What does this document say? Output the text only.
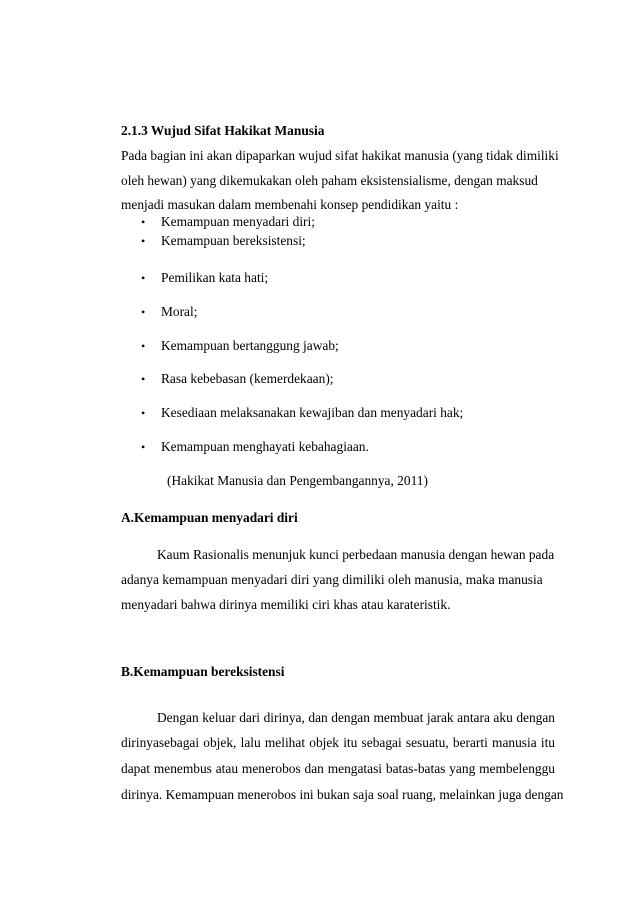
2.1.3 Wujud Sifat Hakikat Manusia
Pada bagian ini akan dipaparkan wujud sifat hakikat manusia (yang tidak dimiliki
oleh hewan) yang dikemukakan oleh paham eksistensialisme, dengan maksud
menjadi masukan dalam membenahi konsep pendidikan yaitu :
• Kemampuan menyadari diri;
• Kemampuan bereksistensi;
• Pemilikan kata hati;
• Moral;
• Kemampuan bertanggung jawab;
• Rasa kebebasan (kemerdekaan);
• Kesediaan melaksanakan kewajiban dan menyadari hak;
• Kemampuan menghayati kebahagiaan.
(Hakikat Manusia dan Pengembangannya, 2011)
A.Kemampuan menyadari diri
Kaum Rasionalis menunjuk kunci perbedaan manusia dengan hewan pada
adanya kemampuan menyadari diri yang dimiliki oleh manusia, maka manusia
menyadari bahwa dirinya memiliki ciri khas atau karateristik.
B.Kemampuan bereksistensi
Dengan keluar dari dirinya, dan dengan membuat jarak antara aku dengan
dirinyasebagai objek, lalu melihat objek itu sebagai sesuatu, berarti manusia itu
dapat menembus atau menerobos dan mengatasi batas-batas yang membelenggu
dirinya. Kemampuan menerobos ini bukan saja soal ruang, melainkan juga dengan
